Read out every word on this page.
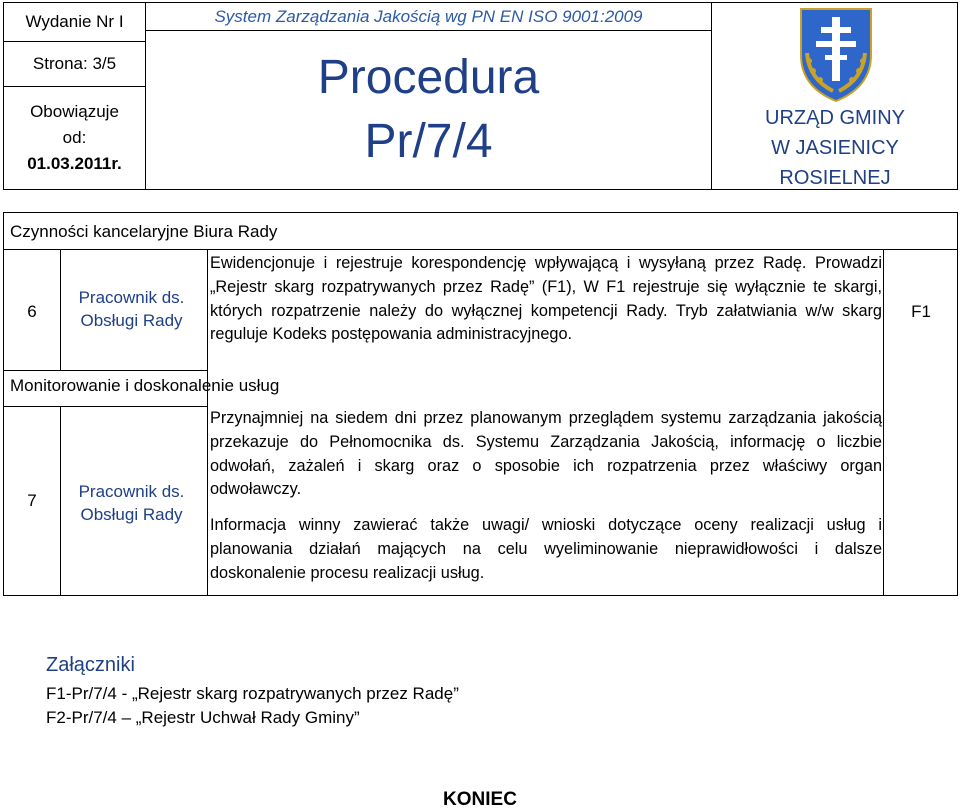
Wydanie Nr I
Strona: 3/5
Obowiązuje od:
01.03.2011r.
System Zarządzania Jakością wg PN EN ISO 9001:2009
Procedura
Pr/7/4	URZĄD GMINY
W JASIENICY
ROSIELNEJ
Czynności kancelaryjne Biura Rady
6
Pracownik ds.
Obsługi Rady

Ewidencjonuje i rejestruje korespondencję wpływającą i wysyłaną przez Radę. Prowadzi „Rejestr skarg rozpatrywanych przez Radę” (F1), W F1 rejestruje się wyłącznie te skargi, których rozpatrzenie należy do wyłącznej kompetencji Rady. Tryb załatwiania w/w skarg reguluje Kodeks postępowania administracyjnego.

F1
Monitorowanie i doskonalenie usług
7	Pracownik ds.
Obsługi Rady

Przynajmniej na siedem dni przez planowanym przeglądem systemu zarządzania jakością przekazuje do Pełnomocnika ds. Systemu Zarządzania Jakością, informację o liczbie odwołań, zażaleń i skarg oraz o sposobie ich rozpatrzenia przez właściwy organ odwoławczy.

Informacja winny zawierać także uwagi/ wnioski dotyczące oceny realizacji usług i planowania działań mających na celu wyeliminowanie nieprawidłowości i dalsze doskonalenie procesu realizacji usług.

Załączniki
F1-Pr/7/4 - „Rejestr skarg rozpatrywanych przez Radę”
F2-Pr/7/4 – „Rejestr Uchwał Rady Gminy”
KONIEC
